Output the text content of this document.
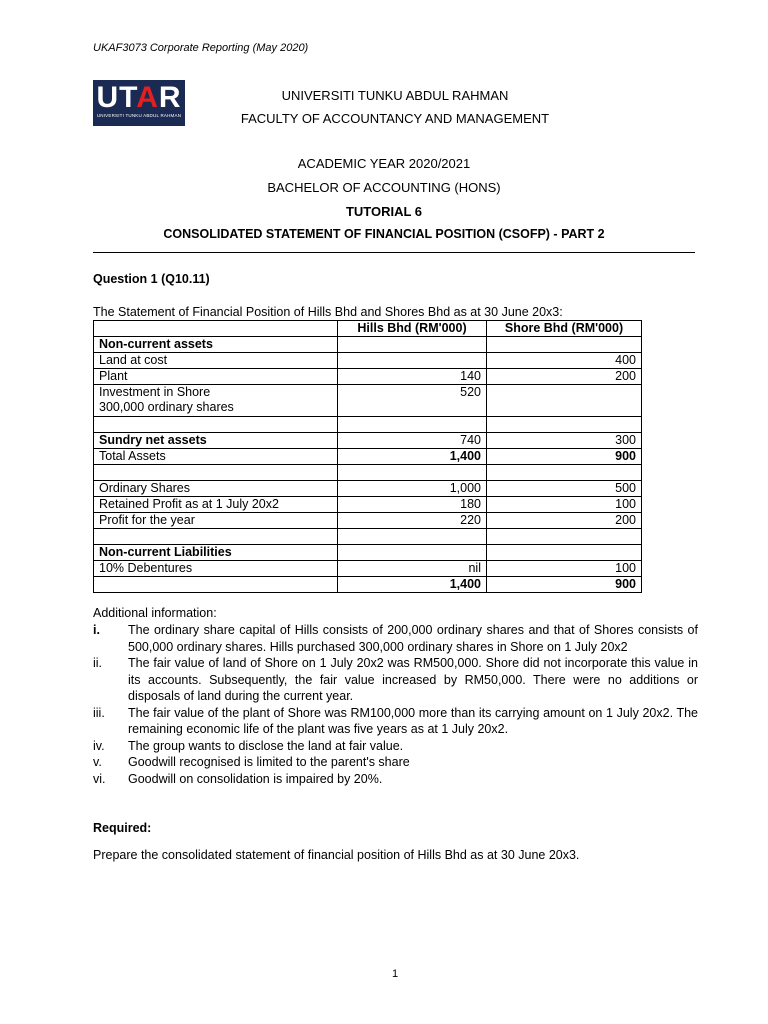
UKAF3073 Corporate Reporting (May 2020)
UTAR
UNIVERSITI TUNKU ABDUL RAHMAN
UNIVERSITI TUNKU ABDUL RAHMAN
FACULTY OF ACCOUNTANCY AND MANAGEMENT
ACADEMIC YEAR 2020/2021
BACHELOR OF ACCOUNTING (HONS)
TUTORIAL 6
CONSOLIDATED STATEMENT OF FINANCIAL POSITION (CSOFP) - PART 2
Question 1 (Q10.11)
The Statement of Financial Position of Hills Bhd and Shores Bhd as at 30 June 20x3:
	Hills Bhd (RM'000)	Shore Bhd (RM'000)
Non-current assets		
Land at cost		400
Plant	140	200

Investment in Shore
300,000 ordinary shares	520	

Sundry net assets	740	300
Total Assets	1,400	900

Ordinary Shares	1,000	500
Retained Profit as at 1 July 20x2	180	100
Profit for the year	220	200

Non-current Liabilities		
10% Debentures	nil	100
	1,400	900
Additional information:
i. The ordinary share capital of Hills consists of 200,000 ordinary shares and that of Shores consists of 500,000 ordinary shares. Hills purchased 300,000 ordinary shares in Shore on 1 July 20x2
ii. The fair value of land of Shore on 1 July 20x2 was RM500,000. Shore did not incorporate this value in its accounts. Subsequently, the fair value increased by RM50,000. There were no additions or disposals of land during the current year.
iii. The fair value of the plant of Shore was RM100,000 more than its carrying amount on 1 July 20x2. The remaining economic life of the plant was five years as at 1 July 20x2.
iv. The group wants to disclose the land at fair value.
v. Goodwill recognised is limited to the parent's share
vi. Goodwill on consolidation is impaired by 20%.
Required:
Prepare the consolidated statement of financial position of Hills Bhd as at 30 June 20x3.
1
